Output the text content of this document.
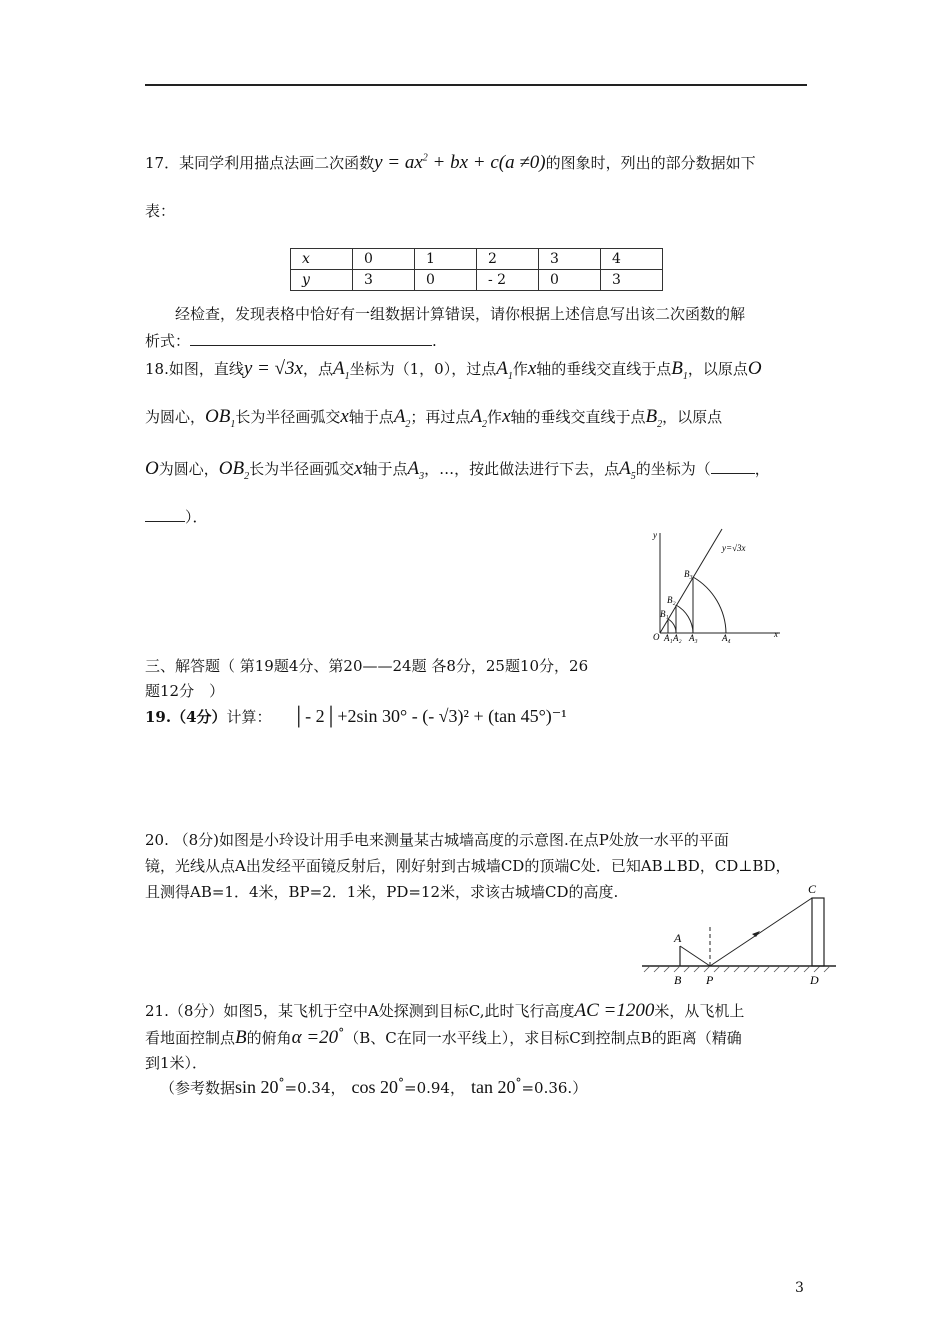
17．某同学利用描点法画二次函数$y = ax^2$ + bx + c(a ≠0)的图象时，列出的部分数据如下
表：
x	0	1	2	3	4
y	3	0	- 2	0	3
经检查，发现表格中恰好有一组数据计算错误，请你根据上述信息写出该二次函数的解
析式：	.
18.如图，直线y = √3x，点$A_1$坐标为（1，0），过点$A_1$作x轴的垂线交直线于点$B_1$，以原点O
为圆心，$OB_1$长为半径画弧交x轴于点$A_2$；再过点$A_2$作x轴的垂线交直线于点$B_2$，以原点
O为圆心，$OB_2$长为半径画弧交x轴于点$A_3$，…，按此做法进行下去，点$A_5$的坐标为（	，
）．
y
x
y=√3x
O A₁ A₂ A₃	A₄
B₁
B₂
B₃
三、解答题（ 第19题4分、第20——24题 各8分，25题10分，26
题12分　）
19.（4分）计算： │- 2│+2sin 30° - (- √3)² + (tan 45°)⁻¹
20. （8分)如图是小玲设计用手电来测量某古城墙高度的示意图.在点P处放一水平的平面
镜，光线从点A出发经平面镜反射后，刚好射到古城墙CD的顶端C处．已知AB⊥BD，CD⊥BD，
且测得AB=1．4米，BP=2．1米，PD=12米，求该古城墙CD的高度.
A
B P
C
D
21.（8分）如图5，某飞机于空中A处探测到目标C,此时飞行高度AC =1200米，从飞机上
看地面控制点B的俯角α =20°（B、C在同一水平线上），求目标C到控制点B的距离（精确
到1米）．
（参考数据sin 20°=0.34， cos 20°=0.94， tan 20°=0.36.）
3
